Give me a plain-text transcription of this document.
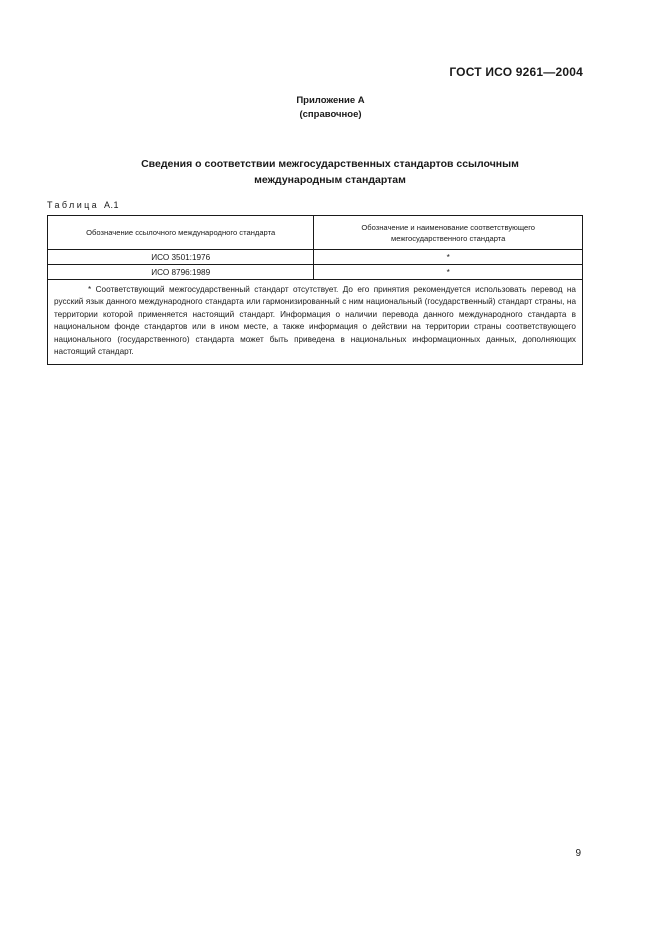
ГОСТ ИСО 9261—2004
Приложение А
(справочное)
Сведения о соответствии межгосударственных стандартов ссылочным
международным стандартам
Таблица А.1
Обозначение ссылочного международного стандарта	Обозначение и наименование соответствующего межгосударственного стандарта

ИСО 3501:1976	*
ИСО 8796:1989	*

* Соответствующий межгосударственный стандарт отсутствует. До его принятия рекомендуется использовать перевод на русский язык данного международного стандарта или гармонизированный с ним национальный (государственный) стандарт страны, на территории которой применяется настоящий стандарт. Информация о наличии перевода данного международного стандарта в национальном фонде стандартов или в ином месте, а также информация о действии на территории страны соответствующего национального (государственного) стандарта может быть приведена в национальных информационных данных, дополняющих настоящий стандарт.	
9
